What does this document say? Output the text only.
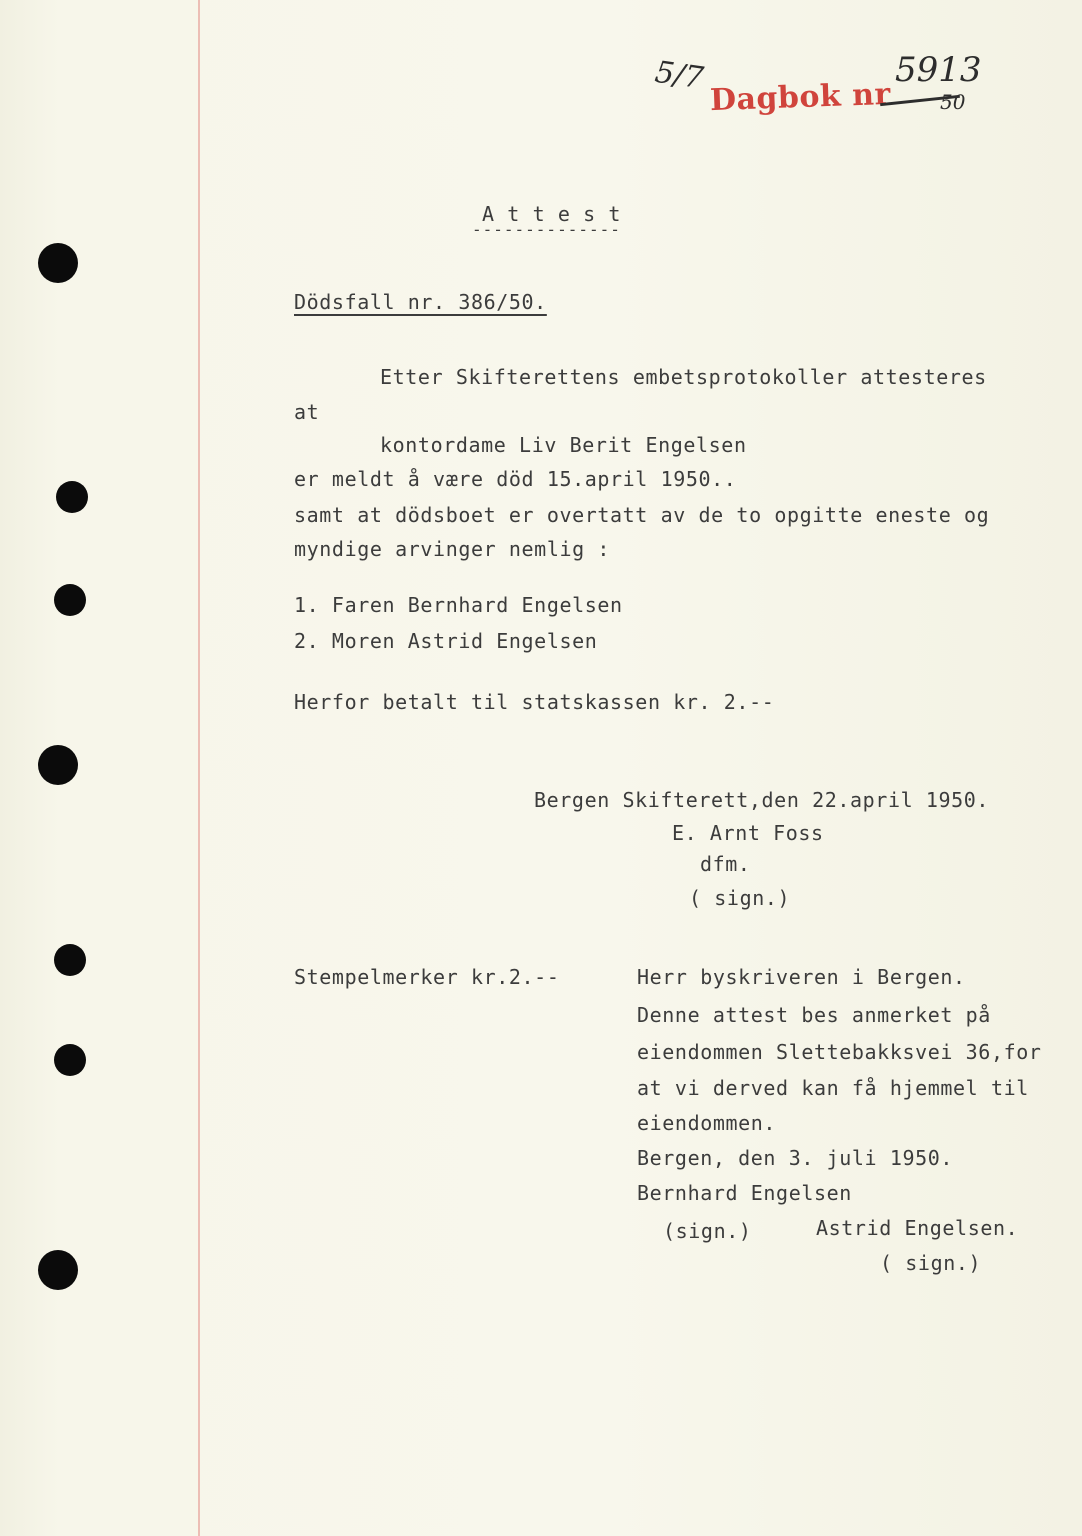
5/7
Dagbok nr
5913
50
A t t e s t
--------------
Dödsfall nr. 386/50.
Etter Skifterettens embetsprotokoller attesteres
at
kontordame Liv Berit Engelsen
er meldt å være död 15.april 1950..
samt at dödsboet er overtatt av de to opgitte eneste og
myndige arvinger nemlig :
1. Faren Bernhard Engelsen
2. Moren Astrid Engelsen
Herfor betalt til statskassen kr. 2.--
Bergen Skifterett,den 22.april 1950.
E. Arnt Foss
dfm.
( sign.)
Stempelmerker kr.2.--	Herr byskriveren i Bergen.
Denne attest bes anmerket på
eiendommen Slettebakksvei 36,for
at vi derved kan få hjemmel til
eiendommen.
Bergen, den 3. juli 1950.
Bernhard Engelsen
(sign.)	Astrid Engelsen.
( sign.)
